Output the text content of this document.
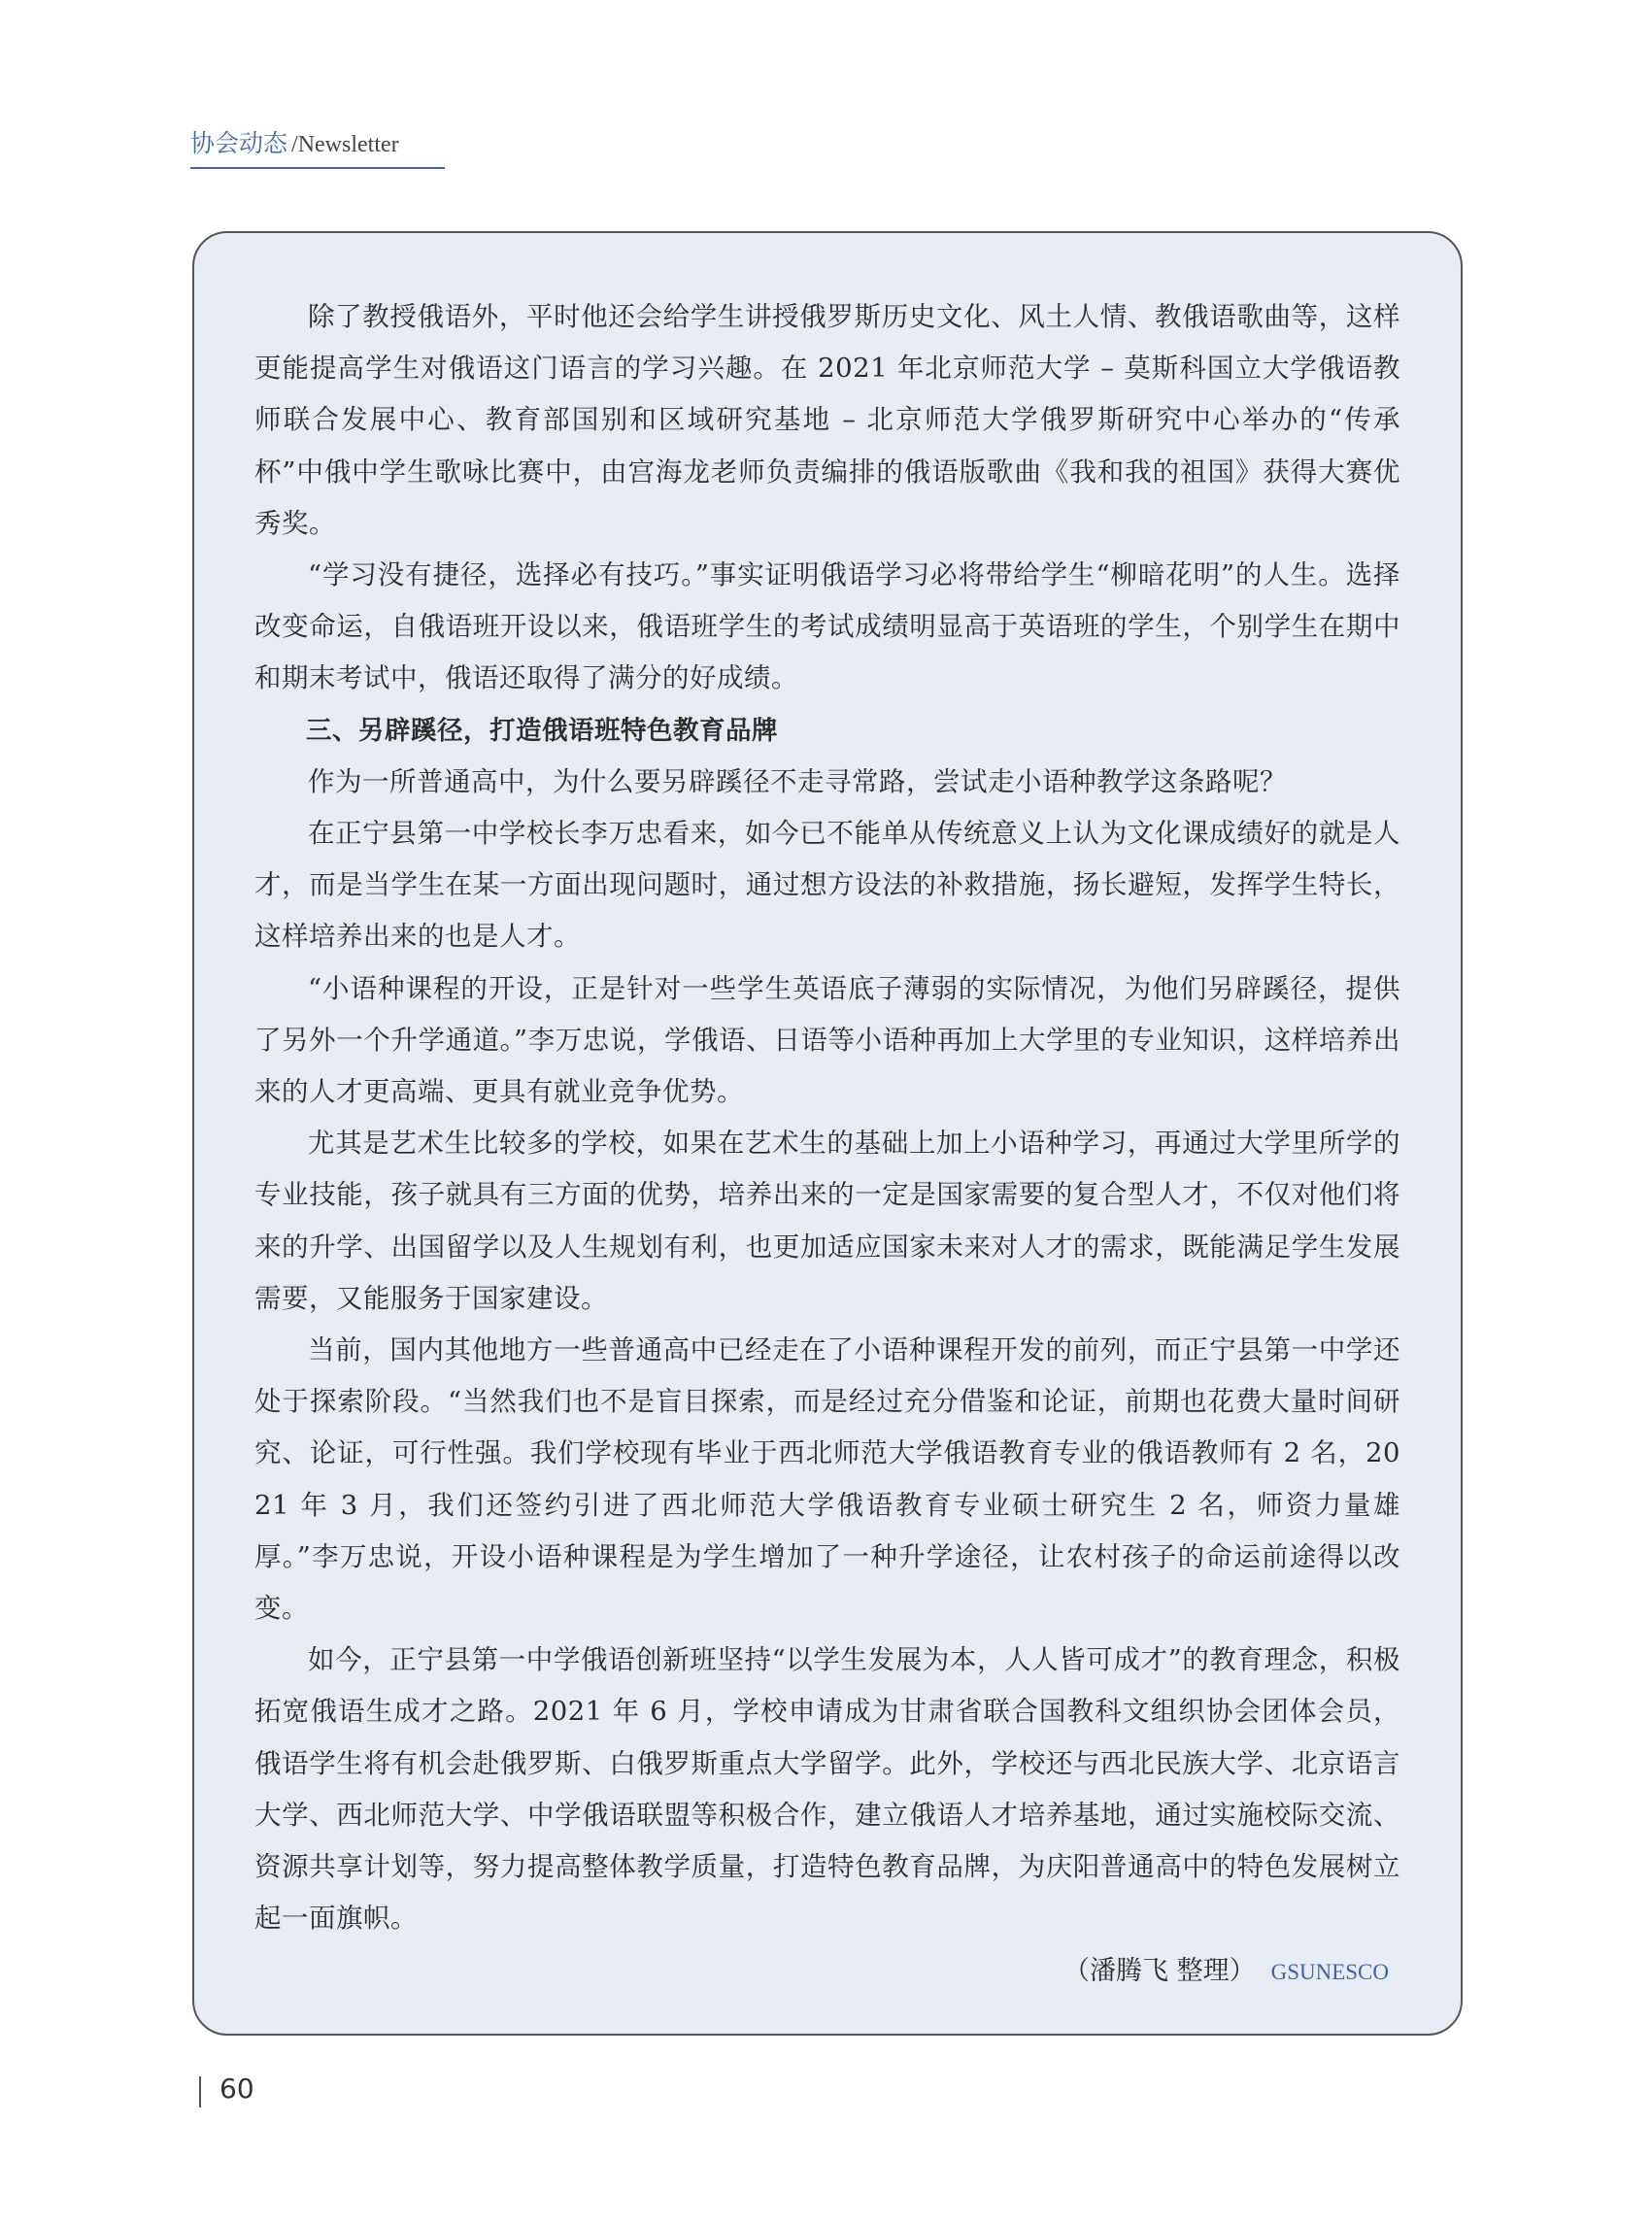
协会动态 /Newsletter

除了教授俄语外，平时他还会给学生讲授俄罗斯历史文化、风土人情、教俄语歌曲等，这样更能提高学生对俄语这门语言的学习兴趣。在 2021 年北京师范大学 – 莫斯科国立大学俄语教师联合发展中心、教育部国别和区域研究基地 – 北京师范大学俄罗斯研究中心举办的“传承杯”中俄中学生歌咏比赛中，由宫海龙老师负责编排的俄语版歌曲《我和我的祖国》获得大赛优秀奖。

“学习没有捷径，选择必有技巧。”事实证明俄语学习必将带给学生“柳暗花明”的人生。选择改变命运，自俄语班开设以来，俄语班学生的考试成绩明显高于英语班的学生，个别学生在期中和期末考试中，俄语还取得了满分的好成绩。

三、另辟蹊径，打造俄语班特色教育品牌

作为一所普通高中，为什么要另辟蹊径不走寻常路，尝试走小语种教学这条路呢？

在正宁县第一中学校长李万忠看来，如今已不能单从传统意义上认为文化课成绩好的就是人才，而是当学生在某一方面出现问题时，通过想方设法的补救措施，扬长避短，发挥学生特长，这样培养出来的也是人才。

“小语种课程的开设，正是针对一些学生英语底子薄弱的实际情况，为他们另辟蹊径，提供了另外一个升学通道。”李万忠说，学俄语、日语等小语种再加上大学里的专业知识，这样培养出来的人才更高端、更具有就业竞争优势。

尤其是艺术生比较多的学校，如果在艺术生的基础上加上小语种学习，再通过大学里所学的专业技能，孩子就具有三方面的优势，培养出来的一定是国家需要的复合型人才，不仅对他们将来的升学、出国留学以及人生规划有利，也更加适应国家未来对人才的需求，既能满足学生发展需要，又能服务于国家建设。

当前，国内其他地方一些普通高中已经走在了小语种课程开发的前列，而正宁县第一中学还处于探索阶段。“当然我们也不是盲目探索，而是经过充分借鉴和论证，前期也花费大量时间研究、论证，可行性强。我们学校现有毕业于西北师范大学俄语教育专业的俄语教师有 2 名，2021 年 3 月，我们还签约引进了西北师范大学俄语教育专业硕士研究生 2 名，师资力量雄厚。”李万忠说，开设小语种课程是为学生增加了一种升学途径，让农村孩子的命运前途得以改变。

如今，正宁县第一中学俄语创新班坚持“以学生发展为本，人人皆可成才”的教育理念，积极拓宽俄语生成才之路。2021 年 6 月，学校申请成为甘肃省联合国教科文组织协会团体会员，俄语学生将有机会赴俄罗斯、白俄罗斯重点大学留学。此外，学校还与西北民族大学、北京语言大学、西北师范大学、中学俄语联盟等积极合作，建立俄语人才培养基地，通过实施校际交流、资源共享计划等，努力提高整体教学质量，打造特色教育品牌，为庆阳普通高中的特色发展树立起一面旗帜。

（潘腾飞 整理） GSUNESCO
60
